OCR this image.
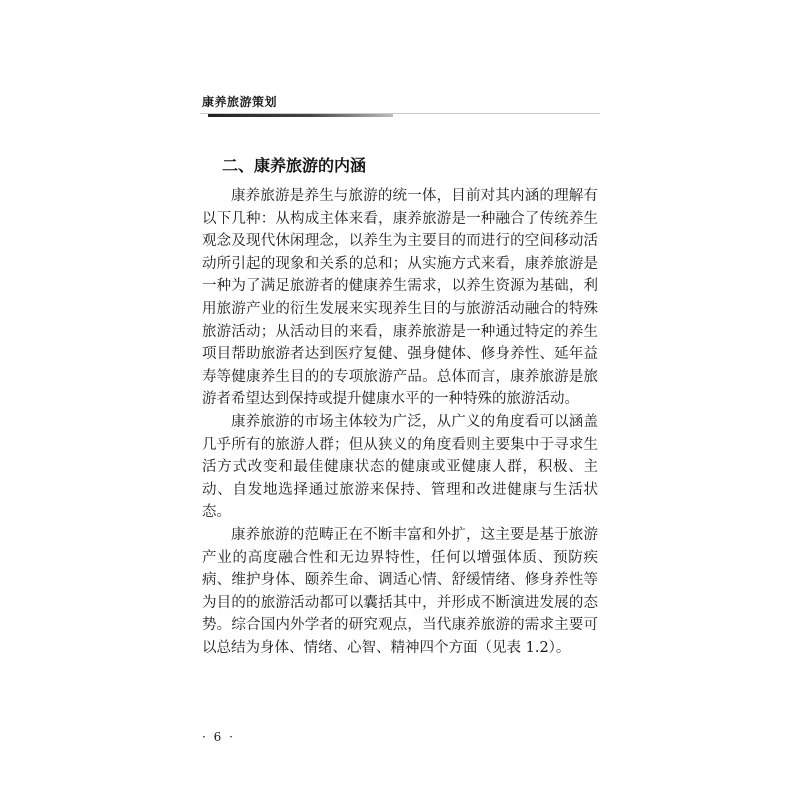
康养旅游策划
二、康养旅游的内涵

康养旅游是养生与旅游的统一体，目前对其内涵的理解有以下几种：从构成主体来看，康养旅游是一种融合了传统养生观念及现代休闲理念，以养生为主要目的而进行的空间移动活动所引起的现象和关系的总和；从实施方式来看，康养旅游是一种为了满足旅游者的健康养生需求，以养生资源为基础，利用旅游产业的衍生发展来实现养生目的与旅游活动融合的特殊旅游活动；从活动目的来看，康养旅游是一种通过特定的养生项目帮助旅游者达到医疗复健、强身健体、修身养性、延年益寿等健康养生目的的专项旅游产品。总体而言，康养旅游是旅游者希望达到保持或提升健康水平的一种特殊的旅游活动。

康养旅游的市场主体较为广泛，从广义的角度看可以涵盖几乎所有的旅游人群；但从狭义的角度看则主要集中于寻求生活方式改变和最佳健康状态的健康或亚健康人群，积极、主动、自发地选择通过旅游来保持、管理和改进健康与生活状态。

康养旅游的范畴正在不断丰富和外扩，这主要是基于旅游产业的高度融合性和无边界特性，任何以增强体质、预防疾病、维护身体、颐养生命、调适心情、舒缓情绪、修身养性等为目的的旅游活动都可以囊括其中，并形成不断演进发展的态势。综合国内外学者的研究观点，当代康养旅游的需求主要可以总结为身体、情绪、心智、精神四个方面（见表 1.2）。

· 6 ·
